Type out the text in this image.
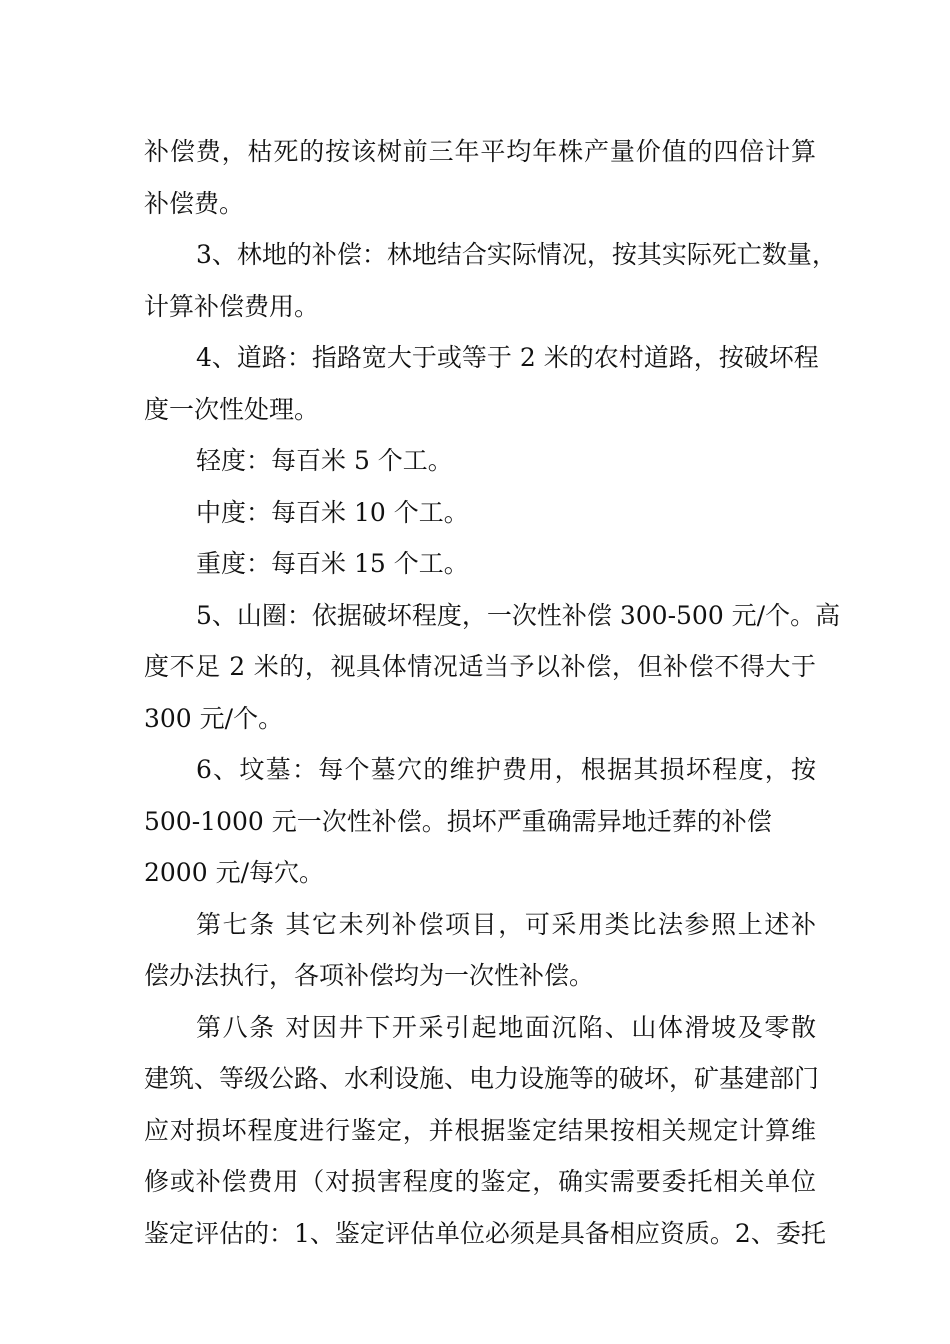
补偿费，枯死的按该树前三年平均年株产量价值的四倍计算
补偿费。
3、林地的补偿：林地结合实际情况，按其实际死亡数量，
计算补偿费用。
4、道路：指路宽大于或等于 2 米的农村道路，按破坏程
度一次性处理。
轻度：每百米 5 个工。
中度：每百米 10 个工。
重度：每百米 15 个工。
5、山圈：依据破坏程度，一次性补偿 300-500 元/个。高
度不足 2 米的，视具体情况适当予以补偿，但补偿不得大于
300 元/个。
6、坟墓：每个墓穴的维护费用，根据其损坏程度，按
500-1000 元一次性补偿。损坏严重确需异地迁葬的补偿
2000 元/每穴。
第七条 其它未列补偿项目，可采用类比法参照上述补
偿办法执行，各项补偿均为一次性补偿。
第八条 对因井下开采引起地面沉陷、山体滑坡及零散
建筑、等级公路、水利设施、电力设施等的破坏，矿基建部门
应对损坏程度进行鉴定，并根据鉴定结果按相关规定计算维
修或补偿费用（对损害程度的鉴定，确实需要委托相关单位
鉴定评估的：1、鉴定评估单位必须是具备相应资质。2、委托
